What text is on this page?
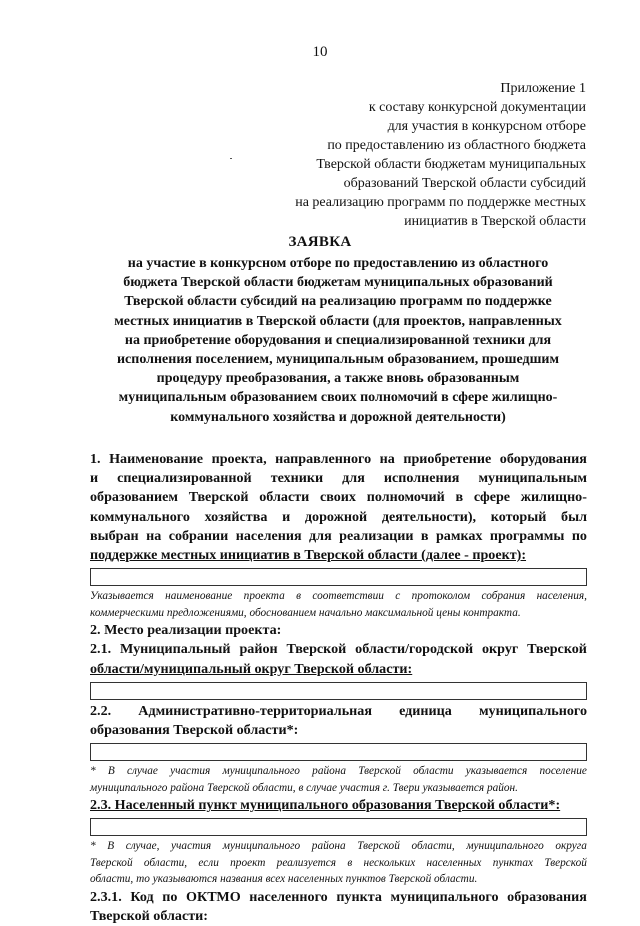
10
Приложение 1
к составу конкурсной документации
для участия в конкурсном отборе
по предоставлению из областного бюджета
Тверской области бюджетам муниципальных
образований Тверской области субсидий
на реализацию программ по поддержке местных
инициатив в Тверской области
ЗАЯВКА
на участие в конкурсном отборе по предоставлению из областного
бюджета Тверской области бюджетам муниципальных образований
Тверской области субсидий на реализацию программ по поддержке
местных инициатив в Тверской области (для проектов, направленных
на приобретение оборудования и специализированной техники для
исполнения поселением, муниципальным образованием, прошедшим
процедуру преобразования, а также вновь образованным
муниципальным образованием своих полномочий в сфере жилищно-
коммунального хозяйства и дорожной деятельности)
1. Наименование проекта, направленного на приобретение оборудования
и специализированной техники для исполнения муниципальным
образованием Тверской области своих полномочий в сфере жилищно-
коммунального хозяйства и дорожной деятельности), который был
выбран на собрании населения для реализации в рамках программы по
поддержке местных инициатив в Тверской области (далее - проект):
Указывается наименование проекта в соответствии с протоколом собрания населения,
коммерческими предложениями, обоснованием начально максимальной цены контракта.
2. Место реализации проекта:
2.1. Муниципальный район Тверской области/городской округ Тверской
области/муниципальный округ Тверской области:
2.2. Административно-территориальная единица муниципального
образования Тверской области*:
* В случае участия муниципального района Тверской области указывается поселение
муниципального района Тверской области, в случае участия г. Твери указывается район.
2.3. Населенный пункт муниципального образования Тверской области*:
* В случае, участия муниципального района Тверской области, муниципального округа
Тверской области, если проект реализуется в нескольких населенных пунктах Тверской
области, то указываются названия всех населенных пунктов Тверской области.
2.3.1. Код по ОКТМО населенного пункта муниципального образования
Тверской области:
